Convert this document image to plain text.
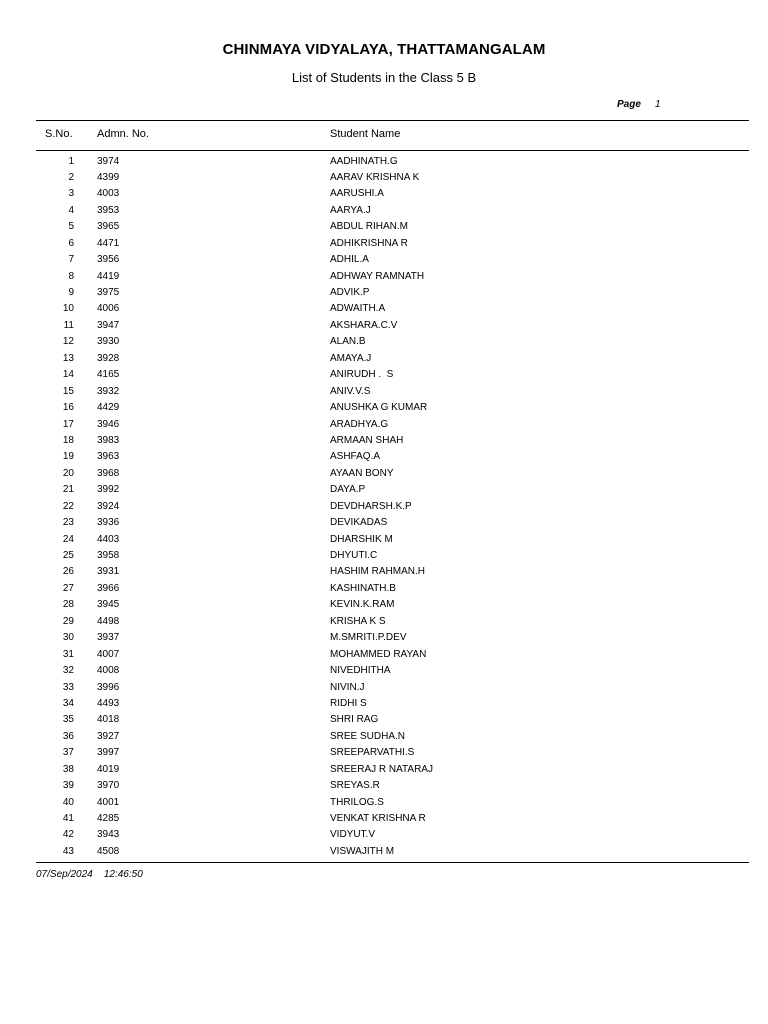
CHINMAYA VIDYALAYA, THATTAMANGALAM
List of Students in the Class 5 B
Page 1
S.No. Admn. No.	Student Name
1 3974	AADHINATH.G
2 4399	AARAV KRISHNA K
3 4003	AARUSHI.A
4 3953	AARYA.J
5 3965	ABDUL RIHAN.M
6 4471	ADHIKRISHNA R
7 3956	ADHIL.A
8 4419	ADHWAY RAMNATH
9 3975	ADVIK.P
10 4006	ADWAITH.A
11 3947	AKSHARA.C.V
12 3930	ALAN.B
13 3928	AMAYA.J
14 4165	ANIRUDH .  S
15 3932	ANIV.V.S
16 4429	ANUSHKA G KUMAR
17 3946	ARADHYA.G
18 3983	ARMAAN SHAH
19 3963	ASHFAQ.A
20 3968	AYAAN BONY
21 3992	DAYA.P
22 3924	DEVDHARSH.K.P
23 3936	DEVIKADAS
24 4403	DHARSHIK M
25 3958	DHYUTI.C
26 3931	HASHIM RAHMAN.H
27 3966	KASHINATH.B
28 3945	KEVIN.K.RAM
29 4498	KRISHA K S
30 3937	M.SMRITI.P.DEV
31 4007	MOHAMMED RAYAN
32 4008	NIVEDHITHA
33 3996	NIVIN.J
34 4493	RIDHI S
35 4018	SHRI RAG
36 3927	SREE SUDHA.N
37 3997	SREEPARVATHI.S
38 4019	SREERAJ R NATARAJ
39 3970	SREYAS.R
40 4001	THRILOG.S
41 4285	VENKAT KRISHNA R
42 3943	VIDYUT.V
43 4508	VISWAJITH M
07/Sep/2024    12:46:50
